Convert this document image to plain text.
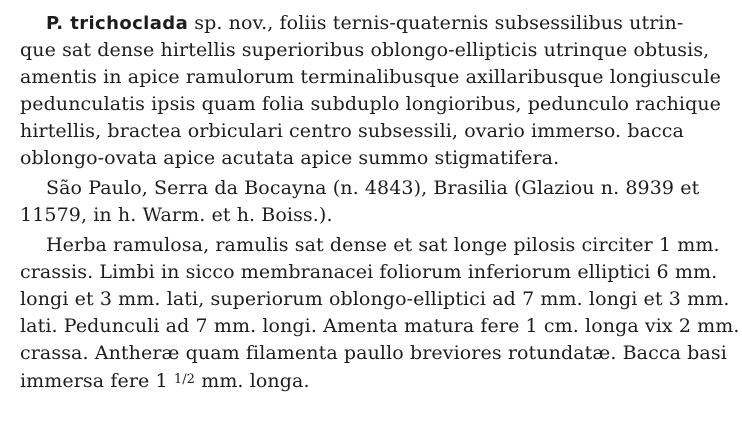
P. trichoclada sp. nov., foliis ternis-quaternis subsessilibus utrin-
que sat dense hirtellis superioribus oblongo-ellipticis utrinque obtusis,
amentis in apice ramulorum terminalibusque axillaribusque longiuscule
pedunculatis ipsis quam folia subduplo longioribus, pedunculo rachique
hirtellis, bractea orbiculari centro subsessili, ovario immerso. bacca
oblongo-ovata apice acutata apice summo stigmatifera.
São Paulo, Serra da Bocayna (n. 4843), Brasilia (Glaziou n. 8939 et
11579, in h. Warm. et h. Boiss.).
Herba ramulosa, ramulis sat dense et sat longe pilosis circiter 1 mm.
crassis. Limbi in sicco membranacei foliorum inferiorum elliptici 6 mm.
longi et 3 mm. lati, superiorum oblongo-elliptici ad 7 mm. longi et 3 mm.
lati. Pedunculi ad 7 mm. longi. Amenta matura fere 1 cm. longa vix 2 mm.
crassa. Antheræ quam filamenta paullo breviores rotundatæ. Bacca basi
immersa fere 1 $^{1/2}$ mm. longa.
